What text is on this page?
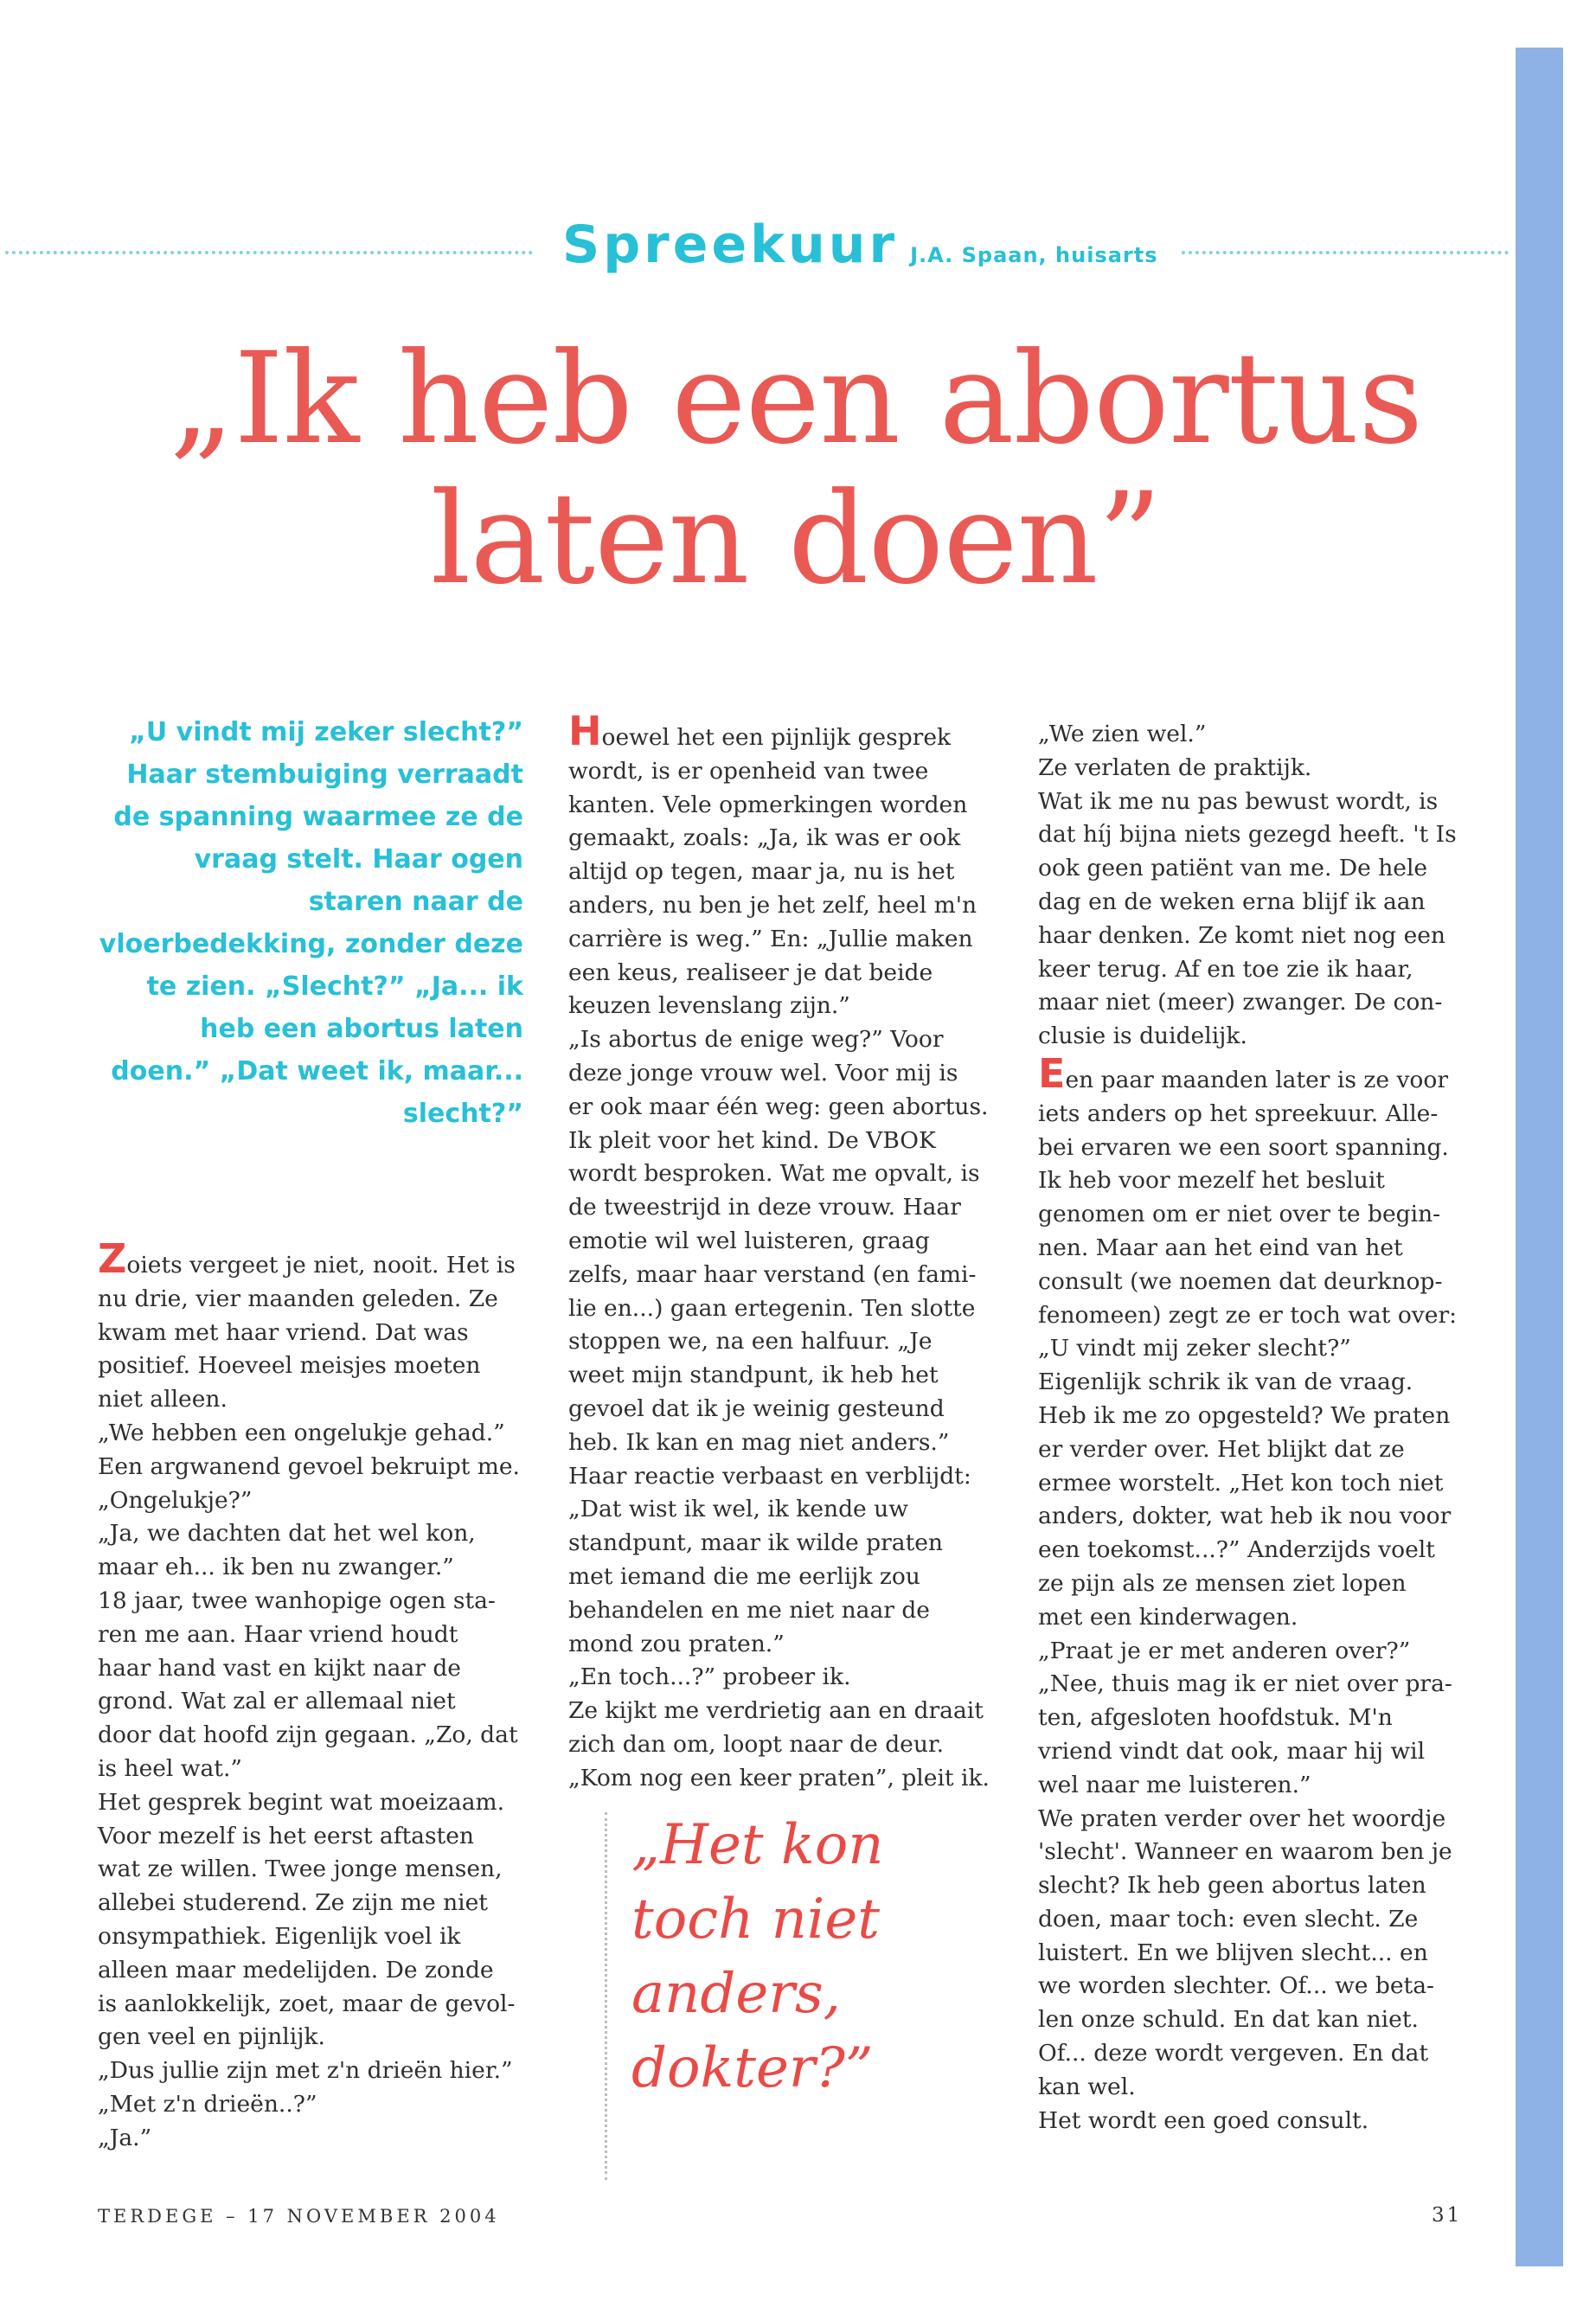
Spreekuur J.A. Spaan, huisarts
„Ik heb een abortus
laten doen”

„U vindt mij zeker slecht?” Haar stembuiging verraadt de spanning waarmee ze de vraag stelt. Haar ogen staren naar de vloerbedekking, zonder deze te zien. „Slecht?” „Ja... ik heb een abortus laten doen.” „Dat weet ik, maar... slecht?”

Zoiets vergeet je niet, nooit. Het is

nu drie, vier maanden geleden. Ze

kwam met haar vriend. Dat was

positief. Hoeveel meisjes moeten

niet alleen.

„We hebben een ongelukje gehad.”

Een argwanend gevoel bekruipt me.

„Ongelukje?”

„Ja, we dachten dat het wel kon,

maar eh... ik ben nu zwanger.”

18 jaar, twee wanhopige ogen sta-

ren me aan. Haar vriend houdt

haar hand vast en kijkt naar de

grond. Wat zal er allemaal niet

door dat hoofd zijn gegaan. „Zo, dat

is heel wat.”

Het gesprek begint wat moeizaam.

Voor mezelf is het eerst aftasten

wat ze willen. Twee jonge mensen,

allebei studerend. Ze zijn me niet

onsympathiek. Eigenlijk voel ik

alleen maar medelijden. De zonde

is aanlokkelijk, zoet, maar de gevol-

gen veel en pijnlijk.

„Dus jullie zijn met z'n drieën hier.”

„Met z'n drieën..?”

„Ja.”

Hoewel het een pijnlijk gesprek

wordt, is er openheid van twee

kanten. Vele opmerkingen worden

gemaakt, zoals: „Ja, ik was er ook

altijd op tegen, maar ja, nu is het

anders, nu ben je het zelf, heel m'n

carrière is weg.” En: „Jullie maken

een keus, realiseer je dat beide

keuzen levenslang zijn.”

„Is abortus de enige weg?” Voor

deze jonge vrouw wel. Voor mij is

er ook maar één weg: geen abortus.

Ik pleit voor het kind. De VBOK

wordt besproken. Wat me opvalt, is

de tweestrijd in deze vrouw. Haar

emotie wil wel luisteren, graag

zelfs, maar haar verstand (en fami-

lie en...) gaan ertegenin. Ten slotte

stoppen we, na een halfuur. „Je

weet mijn standpunt, ik heb het

gevoel dat ik je weinig gesteund

heb. Ik kan en mag niet anders.”

Haar reactie verbaast en verblijdt:

„Dat wist ik wel, ik kende uw

standpunt, maar ik wilde praten

met iemand die me eerlijk zou

behandelen en me niet naar de

mond zou praten.”

„En toch...?” probeer ik.

Ze kijkt me verdrietig aan en draait

zich dan om, loopt naar de deur.

„Kom nog een keer praten”, pleit ik.

„We zien wel.”

Ze verlaten de praktijk.

Wat ik me nu pas bewust wordt, is

dat híj bijna niets gezegd heeft. 't Is

ook geen patiënt van me. De hele

dag en de weken erna blijf ik aan

haar denken. Ze komt niet nog een

keer terug. Af en toe zie ik haar,

maar niet (meer) zwanger. De con-

clusie is duidelijk.

Een paar maanden later is ze voor

iets anders op het spreekuur. Alle-

bei ervaren we een soort spanning.

Ik heb voor mezelf het besluit

genomen om er niet over te begin-

nen. Maar aan het eind van het

consult (we noemen dat deurknop-

fenomeen) zegt ze er toch wat over:

„U vindt mij zeker slecht?”

Eigenlijk schrik ik van de vraag.

Heb ik me zo opgesteld? We praten

er verder over. Het blijkt dat ze

ermee worstelt. „Het kon toch niet

anders, dokter, wat heb ik nou voor

een toekomst...?” Anderzijds voelt

ze pijn als ze mensen ziet lopen

met een kinderwagen.

„Praat je er met anderen over?”

„Nee, thuis mag ik er niet over pra-

ten, afgesloten hoofdstuk. M'n

vriend vindt dat ook, maar hij wil

wel naar me luisteren.”

We praten verder over het woordje

'slecht'. Wanneer en waarom ben je

slecht? Ik heb geen abortus laten

doen, maar toch: even slecht. Ze

luistert. En we blijven slecht... en

we worden slechter. Of... we beta-

len onze schuld. En dat kan niet.

Of... deze wordt vergeven. En dat

kan wel.

Het wordt een goed consult.

„Het kon
toch niet
anders,
dokter?”
TERDEGE – 17 NOVEMBER 2004	31
